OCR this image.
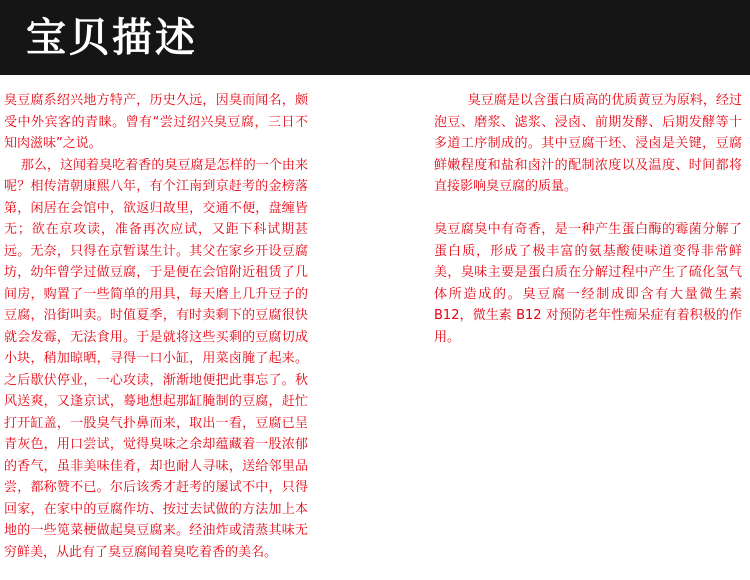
宝贝描述

臭豆腐系绍兴地方特产，历史久远，因臭而闻名，颇受中外宾客的青睐。曾有“尝过绍兴臭豆腐，三日不知肉滋味”之说。

那么，这闻着臭吃着香的臭豆腐是怎样的一个由来呢？相传清朝康熙八年，有个江南到京赶考的金榜落第，闲居在会馆中，欲返归故里，交通不便，盘缠皆无；欲在京攻读，准备再次应试，又距下科试期甚远。无奈，只得在京暂谋生计。其父在家乡开设豆腐坊，幼年曾学过做豆腐，于是便在会馆附近租赁了几间房，购置了一些简单的用具，每天磨上几升豆子的豆腐，沿街叫卖。时值夏季，有时卖剩下的豆腐很快就会发霉，无法食用。于是就将这些买剩的豆腐切成小块，稍加晾晒，寻得一口小缸，用菜卤腌了起来。之后歇伏停业，一心攻读，渐渐地便把此事忘了。秋风送爽，又逢京试，蓦地想起那缸腌制的豆腐，赶忙打开缸盖，一股臭气扑鼻而来，取出一看，豆腐已呈青灰色，用口尝试，觉得臭味之余却蕴藏着一股浓郁的香气，虽非美味佳肴，却也耐人寻味，送给邻里品尝，都称赞不已。尔后该秀才赶考的屡试不中，只得回家，在家中的豆腐作坊、按过去试做的方法加上本地的一些笕菜梗做起臭豆腐来。经油炸或清蒸其味无穷鲜美，从此有了臭豆腐闻着臭吃着香的美名。

臭豆腐是以含蛋白质高的优质黄豆为原料，经过泡豆、磨浆、滤浆、浸卤、前期发酵、后期发酵等十多道工序制成的。其中豆腐干坯、浸卤是关键，豆腐鲜嫩程度和盐和卤汁的配制浓度以及温度、时间都将直接影响臭豆腐的质量。

臭豆腐臭中有奇香，是一种产生蛋白酶的霉菌分解了蛋白质，形成了极丰富的氨基酸使味道变得非常鲜美，臭味主要是蛋白质在分解过程中产生了硫化氢气体所造成的。臭豆腐一经制成即含有大量微生素 B12，微生素 B12 对预防老年性痴呆症有着积极的作用。
